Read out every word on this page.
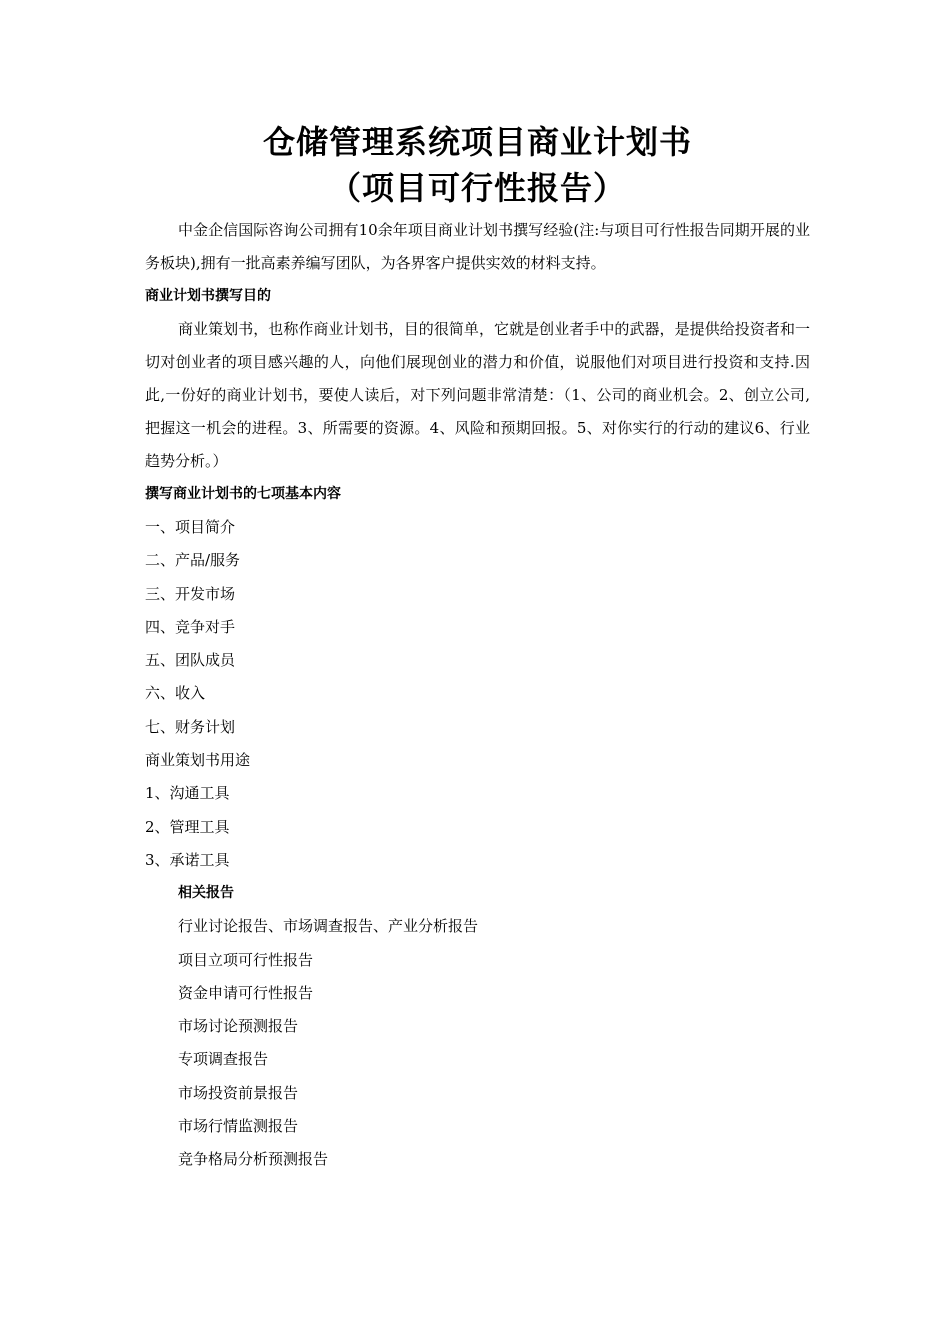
仓储管理系统项目商业计划书
（项目可行性报告）

中金企信国际咨询公司拥有10余年项目商业计划书撰写经验(注:与项目可行性报告同期开展的业务板块),拥有一批高素养编写团队，为各界客户提供实效的材料支持。

商业计划书撰写目的

商业策划书，也称作商业计划书，目的很简单，它就是创业者手中的武器，是提供给投资者和一切对创业者的项目感兴趣的人，向他们展现创业的潜力和价值，说服他们对项目进行投资和支持.因此,一份好的商业计划书，要使人读后，对下列问题非常清楚：（1、公司的商业机会。2、创立公司,把握这一机会的进程。3、所需要的资源。4、风险和预期回报。5、对你实行的行动的建议6、行业趋势分析。）

撰写商业计划书的七项基本内容

一、项目简介

二、产品/服务

三、开发市场

四、竞争对手

五、团队成员

六、收入

七、财务计划

商业策划书用途

1、沟通工具

2、管理工具

3、承诺工具

相关报告

行业讨论报告、市场调查报告、产业分析报告

项目立项可行性报告

资金申请可行性报告

市场讨论预测报告

专项调查报告

市场投资前景报告

市场行情监测报告

竞争格局分析预测报告
